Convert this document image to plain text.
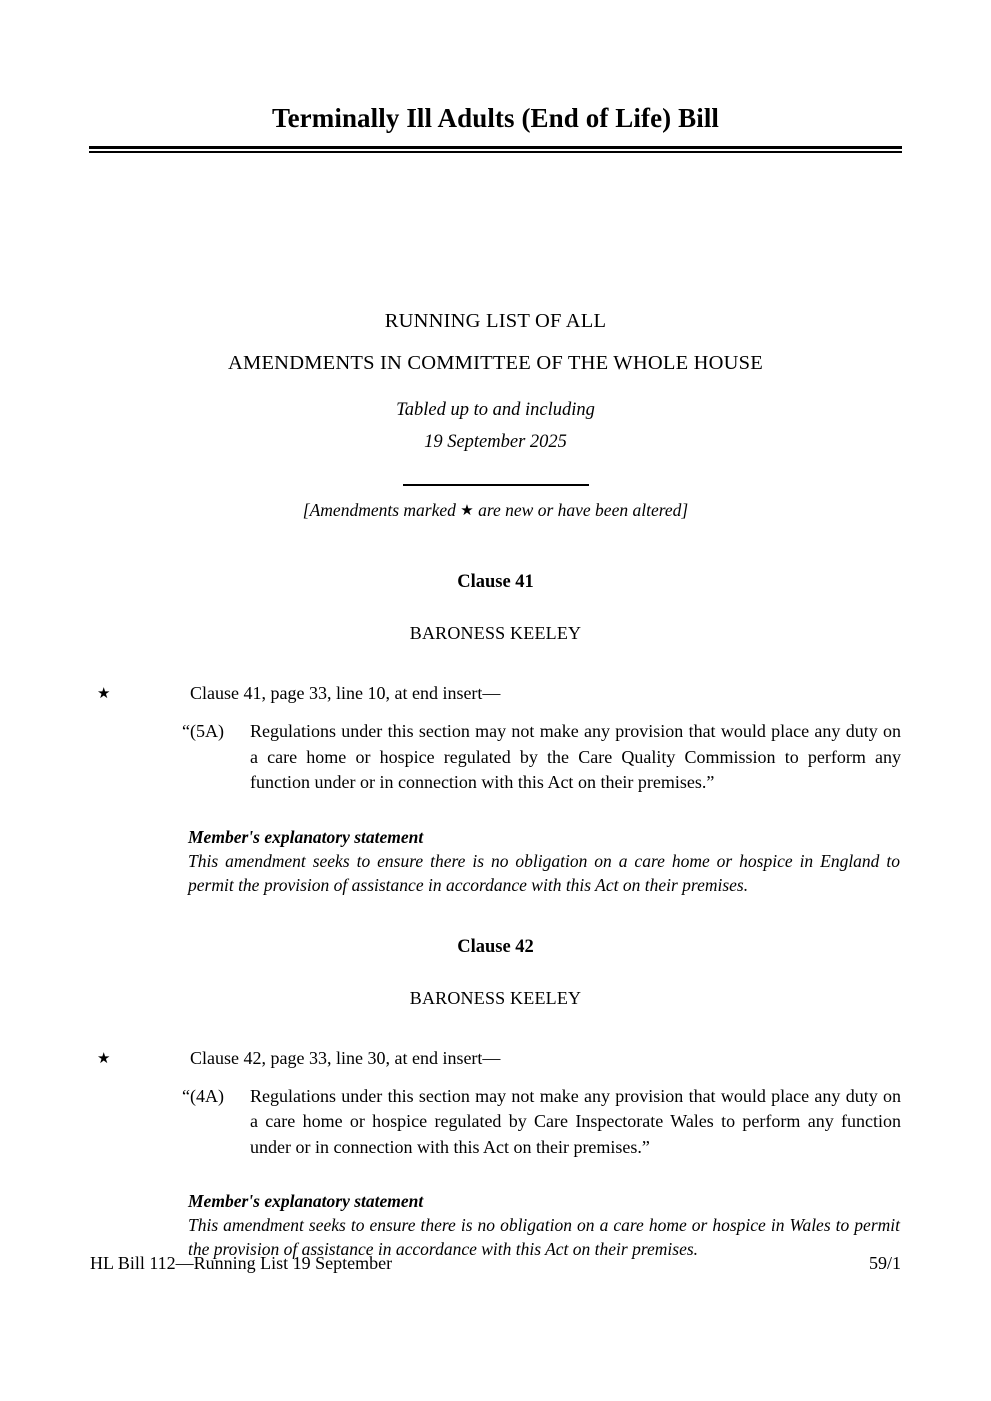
Terminally Ill Adults (End of Life) Bill
RUNNING LIST OF ALL
AMENDMENTS IN COMMITTEE OF THE WHOLE HOUSE
Tabled up to and including
19 September 2025
[Amendments marked ★ are new or have been altered]
Clause 41
BARONESS KEELEY
★	Clause 41, page 33, line 10, at end insert—
“(5A)	Regulations under this section may not make any provision that would place any duty on a care home or hospice regulated by the Care Quality Commission to perform any function under or in connection with this Act on their premises.”
Member's explanatory statement
This amendment seeks to ensure there is no obligation on a care home or hospice in England to permit the provision of assistance in accordance with this Act on their premises.
Clause 42
BARONESS KEELEY
★	Clause 42, page 33, line 30, at end insert—
“(4A)	Regulations under this section may not make any provision that would place any duty on a care home or hospice regulated by Care Inspectorate Wales to perform any function under or in connection with this Act on their premises.”
Member's explanatory statement
This amendment seeks to ensure there is no obligation on a care home or hospice in Wales to permit the provision of assistance in accordance with this Act on their premises.
HL Bill 112—Running List 19 September	59/1
